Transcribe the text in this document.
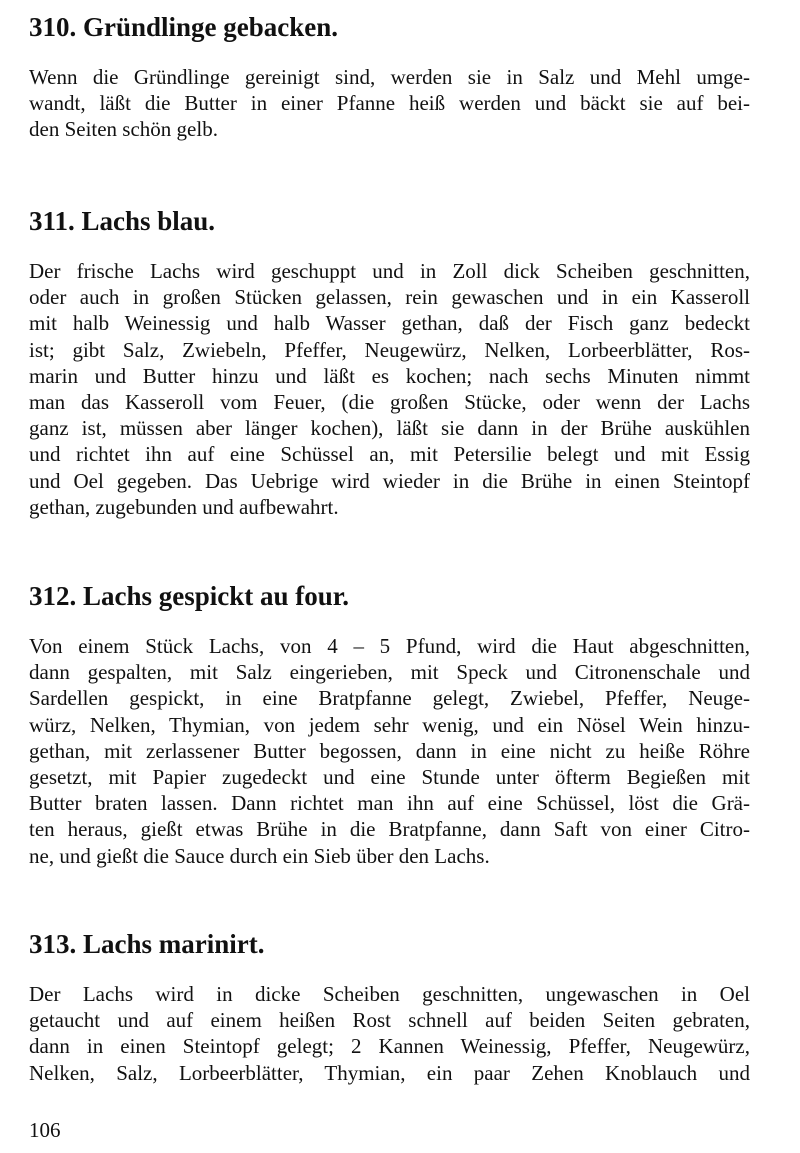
310. Gründlinge gebacken.

Wenn die Gründlinge gereinigt sind, werden sie in Salz und Mehl umge-
wandt, läßt die Butter in einer Pfanne heiß werden und bäckt sie auf bei-
den Seiten schön gelb.

311. Lachs blau.

Der frische Lachs wird geschuppt und in Zoll dick Scheiben geschnitten,
oder auch in großen Stücken gelassen, rein gewaschen und in ein Kasseroll
mit halb Weinessig und halb Wasser gethan, daß der Fisch ganz bedeckt
ist; gibt Salz, Zwiebeln, Pfeffer, Neugewürz, Nelken, Lorbeerblätter, Ros-
marin und Butter hinzu und läßt es kochen; nach sechs Minuten nimmt
man das Kasseroll vom Feuer, (die großen Stücke, oder wenn der Lachs
ganz ist, müssen aber länger kochen), läßt sie dann in der Brühe auskühlen
und richtet ihn auf eine Schüssel an, mit Petersilie belegt und mit Essig
und Oel gegeben. Das Uebrige wird wieder in die Brühe in einen Steintopf
gethan, zugebunden und aufbewahrt.

312. Lachs gespickt au four.

Von einem Stück Lachs, von 4 – 5 Pfund, wird die Haut abgeschnitten,
dann gespalten, mit Salz eingerieben, mit Speck und Citronenschale und
Sardellen gespickt, in eine Bratpfanne gelegt, Zwiebel, Pfeffer, Neuge-
würz, Nelken, Thymian, von jedem sehr wenig, und ein Nösel Wein hinzu-
gethan, mit zerlassener Butter begossen, dann in eine nicht zu heiße Röhre
gesetzt, mit Papier zugedeckt und eine Stunde unter öfterm Begießen mit
Butter braten lassen. Dann richtet man ihn auf eine Schüssel, löst die Grä-
ten heraus, gießt etwas Brühe in die Bratpfanne, dann Saft von einer Citro-
ne, und gießt die Sauce durch ein Sieb über den Lachs.

313. Lachs marinirt.

Der Lachs wird in dicke Scheiben geschnitten, ungewaschen in Oel
getaucht und auf einem heißen Rost schnell auf beiden Seiten gebraten,
dann in einen Steintopf gelegt; 2 Kannen Weinessig, Pfeffer, Neugewürz,
Nelken, Salz, Lorbeerblätter, Thymian, ein paar Zehen Knoblauch und

106
